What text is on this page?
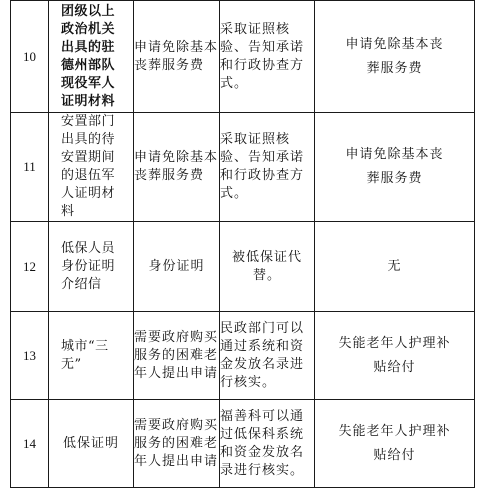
10	团级以上政治机关出具的驻德州部队现役军人证明材料	申请免除基本丧葬服务费	采取证照核验、告知承诺和行政协查方式。	申请免除基本丧葬服务费
11	安置部门出具的待安置期间的退伍军人证明材料	申请免除基本丧葬服务费	采取证照核验、告知承诺和行政协查方式。	申请免除基本丧葬服务费
12	低保人员身份证明介绍信	身份证明	被低保证代替。	无
13	城市“三无”	需要政府购买服务的困难老年人提出申请	民政部门可以通过系统和资金发放名录进行核实。	失能老年人护理补贴给付
14	低保证明	需要政府购买服务的困难老年人提出申请	福善科可以通过低保科系统和资金发放名录进行核实。	失能老年人护理补贴给付
